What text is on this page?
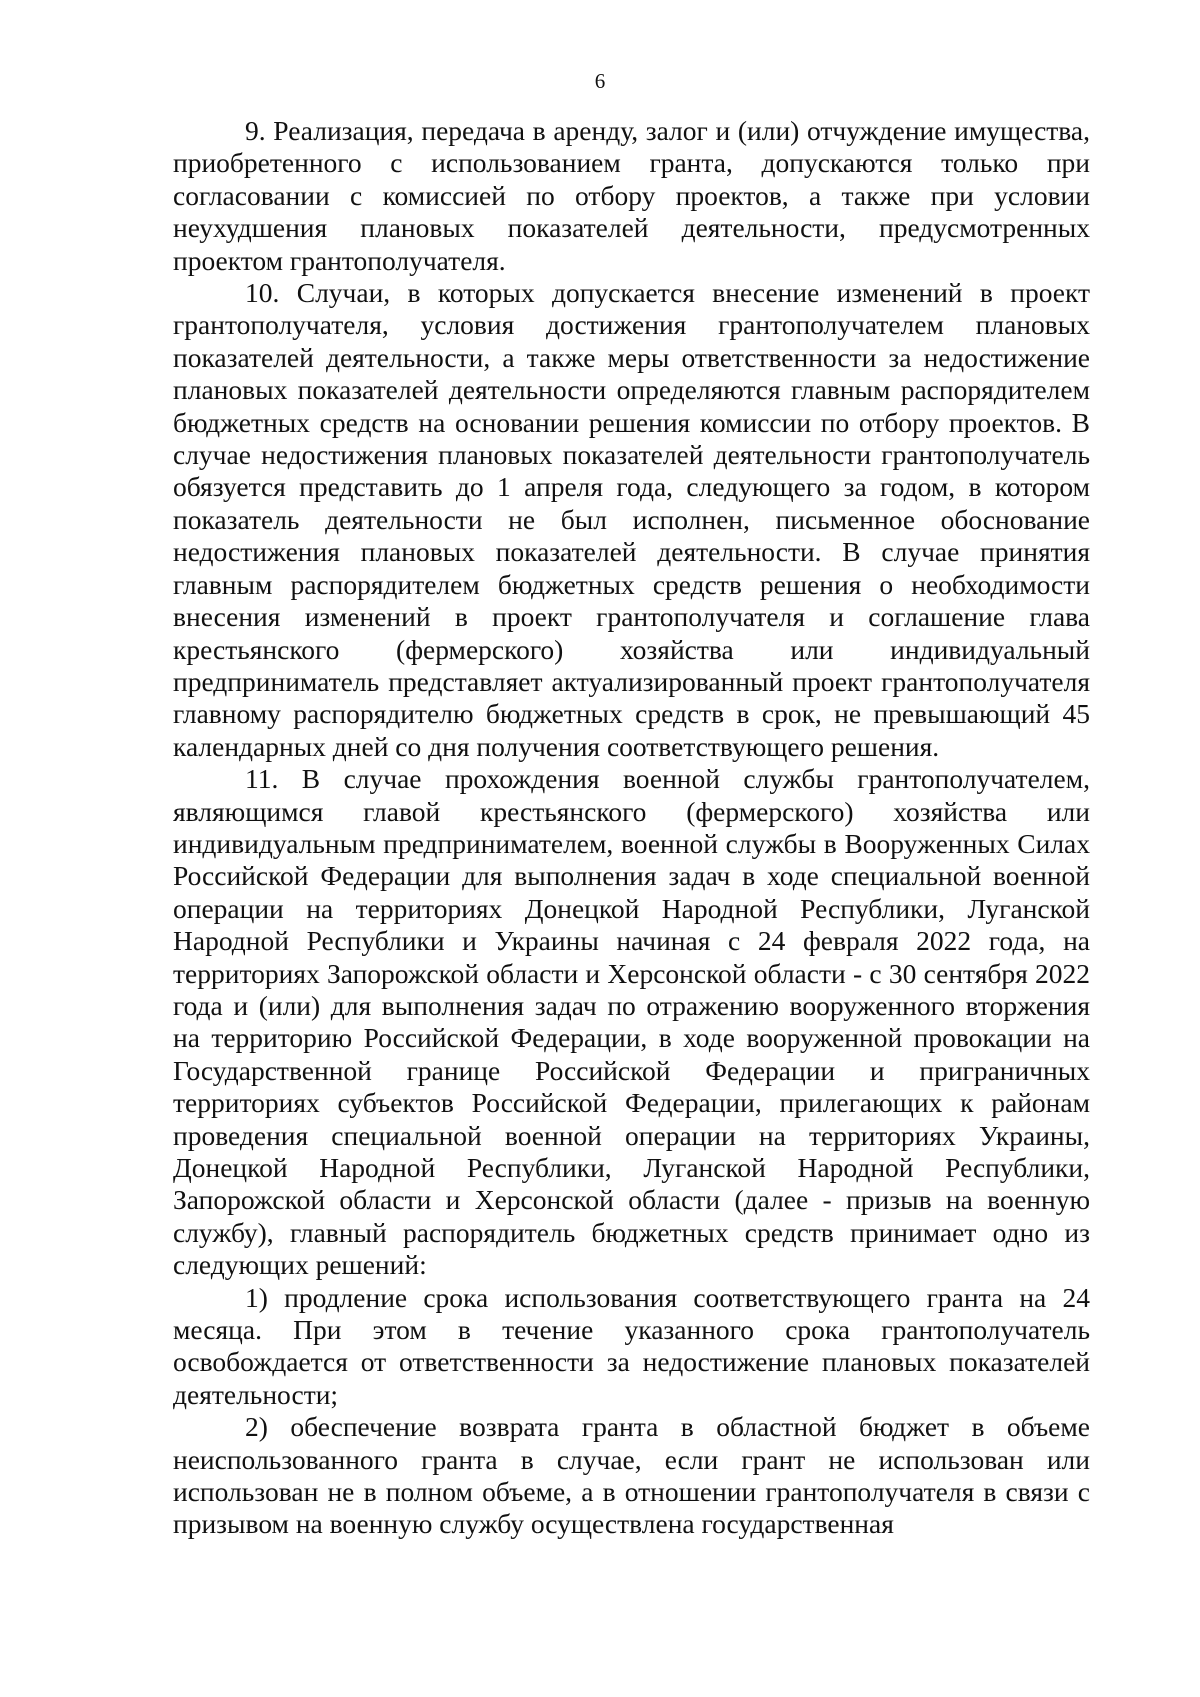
6

9. Реализация, передача в аренду, залог и (или) отчуждение имущества, приобретенного с использованием гранта, допускаются только при согласовании с комиссией по отбору проектов, а также при условии неухудшения плановых показателей деятельности, предусмотренных проектом грантополучателя.

10. Случаи, в которых допускается внесение изменений в проект грантополучателя, условия достижения грантополучателем плановых показателей деятельности, а также меры ответственности за недостижение плановых показателей деятельности определяются главным распорядителем бюджетных средств на основании решения комиссии по отбору проектов. В случае недостижения плановых показателей деятельности грантополучатель обязуется представить до 1 апреля года, следующего за годом, в котором показатель деятельности не был исполнен, письменное обоснование недостижения плановых показателей деятельности. В случае принятия главным распорядителем бюджетных средств решения о необходимости внесения изменений в проект грантополучателя и соглашение глава крестьянского (фермерского) хозяйства или индивидуальный предприниматель представляет актуализированный проект грантополучателя главному распорядителю бюджетных средств в срок, не превышающий 45 календарных дней со дня получения соответствующего решения.

11. В случае прохождения военной службы грантополучателем, являющимся главой крестьянского (фермерского) хозяйства или индивидуальным предпринимателем, военной службы в Вооруженных Силах Российской Федерации для выполнения задач в ходе специальной военной операции на территориях Донецкой Народной Республики, Луганской Народной Республики и Украины начиная с 24 февраля 2022 года, на территориях Запорожской области и Херсонской области - с 30 сентября 2022 года и (или) для выполнения задач по отражению вооруженного вторжения на территорию Российской Федерации, в ходе вооруженной провокации на Государственной границе Российской Федерации и приграничных территориях субъектов Российской Федерации, прилегающих к районам проведения специальной военной операции на территориях Украины, Донецкой Народной Республики, Луганской Народной Республики, Запорожской области и Херсонской области (далее - призыв на военную службу), главный распорядитель бюджетных средств принимает одно из следующих решений:

1) продление срока использования соответствующего гранта на 24 месяца. При этом в течение указанного срока грантополучатель освобождается от ответственности за недостижение плановых показателей деятельности;

2) обеспечение возврата гранта в областной бюджет в объеме неиспользованного гранта в случае, если грант не использован или использован не в полном объеме, а в отношении грантополучателя в связи с призывом на военную службу осуществлена государственная
